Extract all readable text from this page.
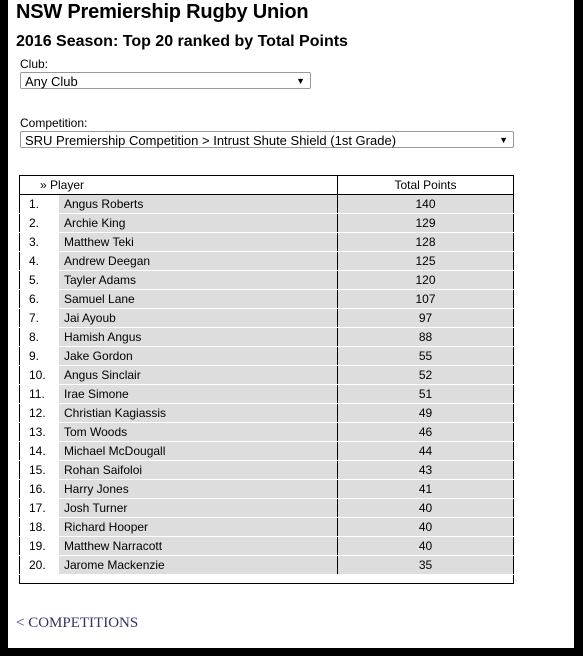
NSW Premiership Rugby Union
2016 Season: Top 20 ranked by Total Points
Club:
Any Club	▼
Competition:
SRU Premiership Competition > Intrust Shute Shield (1st Grade)	▼
» Player		Total Points
1.	Angus Roberts	140
2.	Archie King	129
3.	Matthew Teki	128
4.	Andrew Deegan	125
5.	Tayler Adams	120
6.	Samuel Lane	107
7.	Jai Ayoub	97
8.	Hamish Angus	88
9.	Jake Gordon	55
10.	Angus Sinclair	52
11.	Irae Simone	51
12.	Christian Kagiassis	49
13.	Tom Woods	46
14.	Michael McDougall	44
15.	Rohan Saifoloi	43
16.	Harry Jones	41
17.	Josh Turner	40
18.	Richard Hooper	40
19.	Matthew Narracott	40
20.	Jarome Mackenzie	35

< COMPETITIONS
